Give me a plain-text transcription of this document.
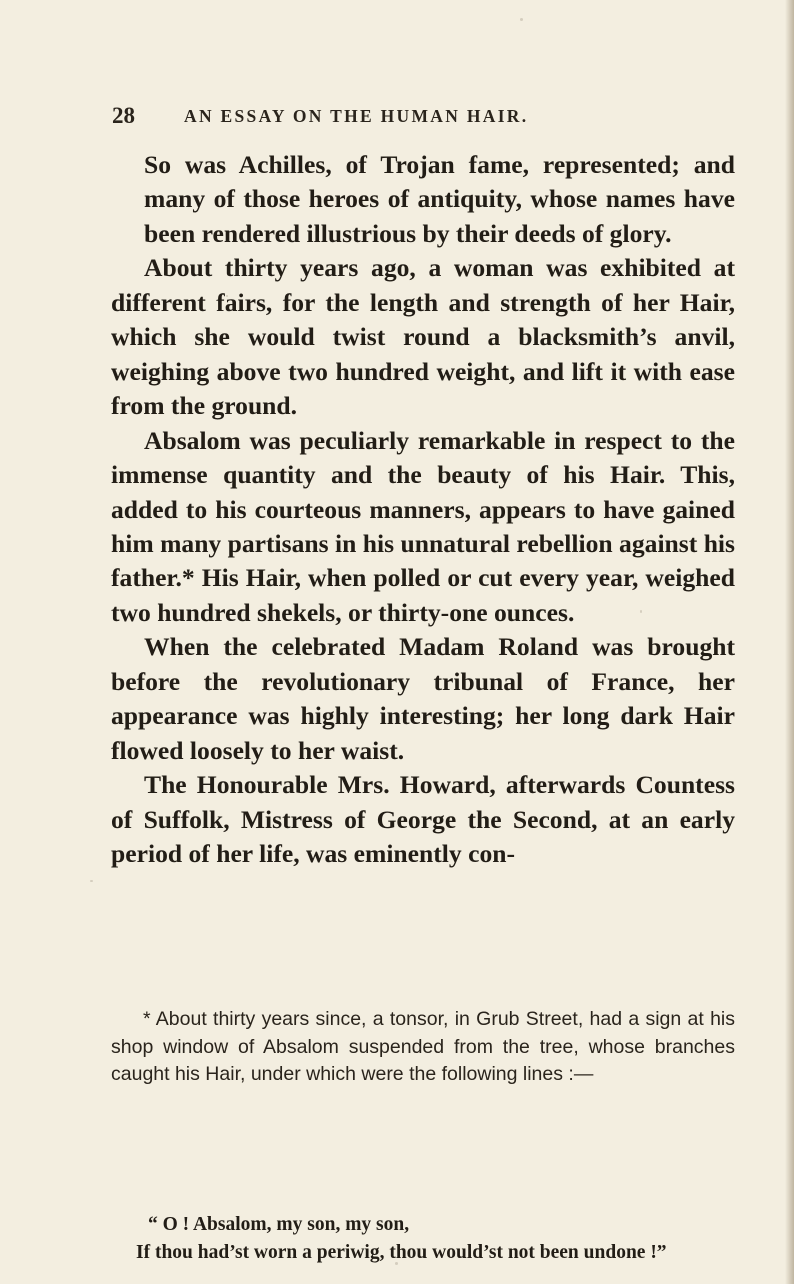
28	AN ESSAY ON THE HUMAN HAIR.

So was Achilles, of Trojan fame, represented; and many of those heroes of antiquity, whose names have been rendered illustrious by their deeds of glory.

About thirty years ago, a woman was exhibited at different fairs, for the length and strength of her Hair, which she would twist round a blacksmith’s anvil, weighing above two hundred weight, and lift it with ease from the ground.

Absalom was peculiarly remarkable in respect to the immense quantity and the beauty of his Hair. This, added to his courteous manners, appears to have gained him many partisans in his unnatural rebellion against his father.* His Hair, when polled or cut every year, weighed two hundred shekels, or thirty-one ounces.

When the celebrated Madam Roland was brought before the revolutionary tribunal of France, her appearance was highly interesting; her long dark Hair flowed loosely to her waist.

The Honourable Mrs. Howard, afterwards Countess of Suffolk, Mistress of George the Second, at an early period of her life, was eminently con-

* About thirty years since, a tonsor, in Grub Street, had a sign at his shop window of Absalom suspended from the tree, whose branches caught his Hair, under which were the following lines :—

“ O ! Absalom, my son, my son,
If thou had’st worn a periwig, thou would’st not been undone !”
